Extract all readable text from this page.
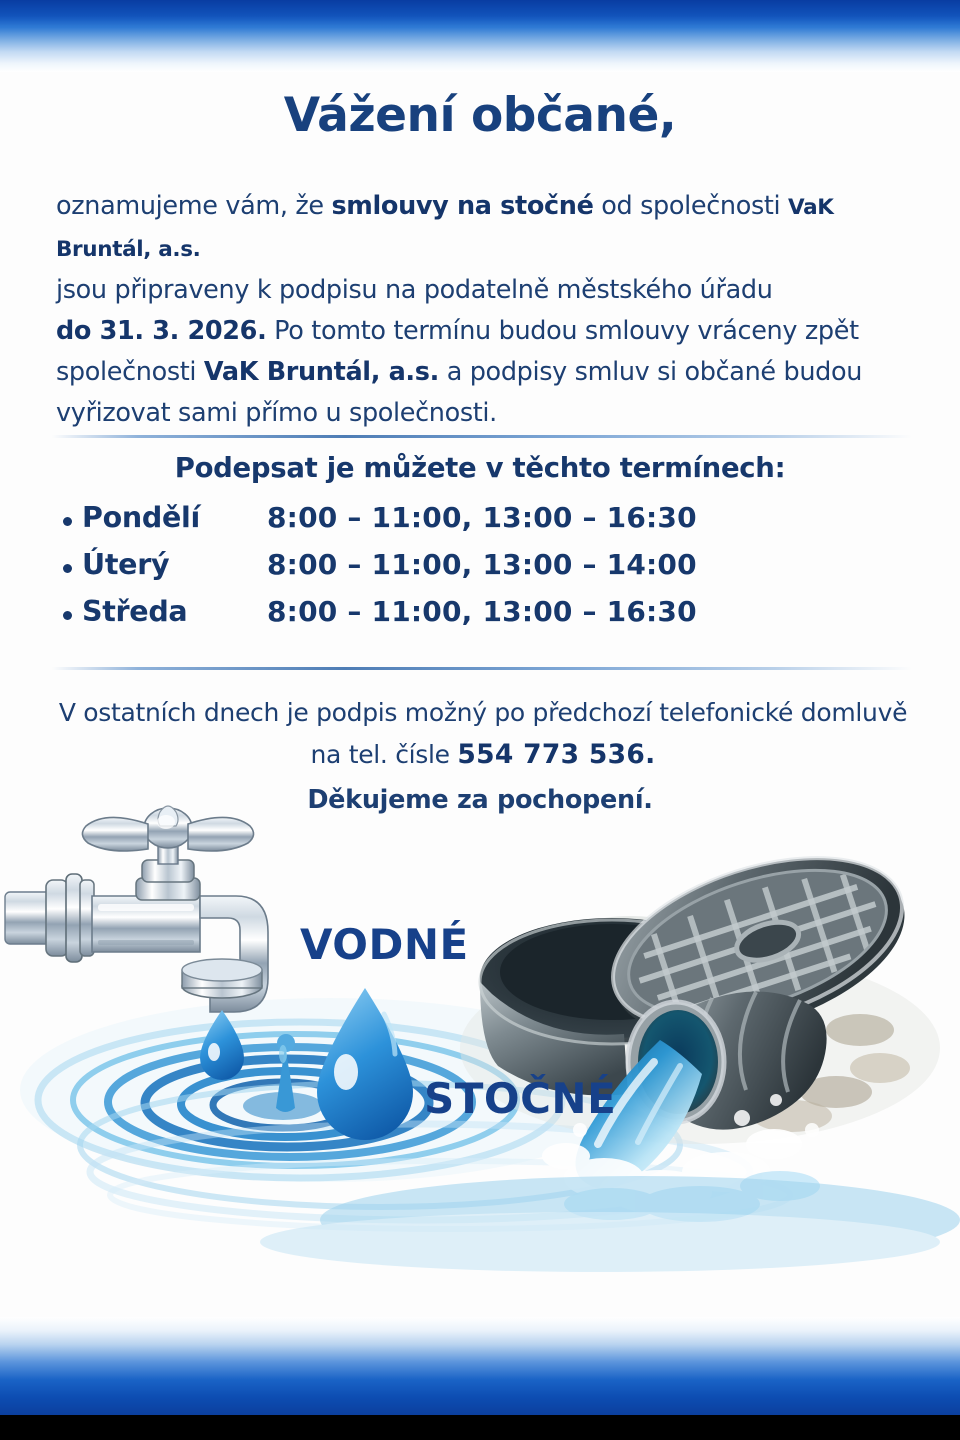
Vážení občané,
oznamujeme vám, že smlouvy na stočné od společnosti VaK Bruntál, a.s.
jsou připraveny k podpisu na podatelně městského úřadu
do 31. 3. 2026. Po tomto termínu budou smlouvy vráceny zpět
společnosti VaK Bruntál, a.s. a podpisy smluv si občané budou
vyřizovat sami přímo u společnosti.
Podepsat je můžete v těchto termínech:
Pondělí 8:00 – 11:00, 13:00 – 16:30
Úterý	8:00 – 11:00, 13:00 – 14:00
Středa	8:00 – 11:00, 13:00 – 16:30
V ostatních dnech je podpis možný po předchozí telefonické domluvě
na tel. čísle 554 773 536.
Děkujeme za pochopení.
VODNÉ
STOČNÉ
